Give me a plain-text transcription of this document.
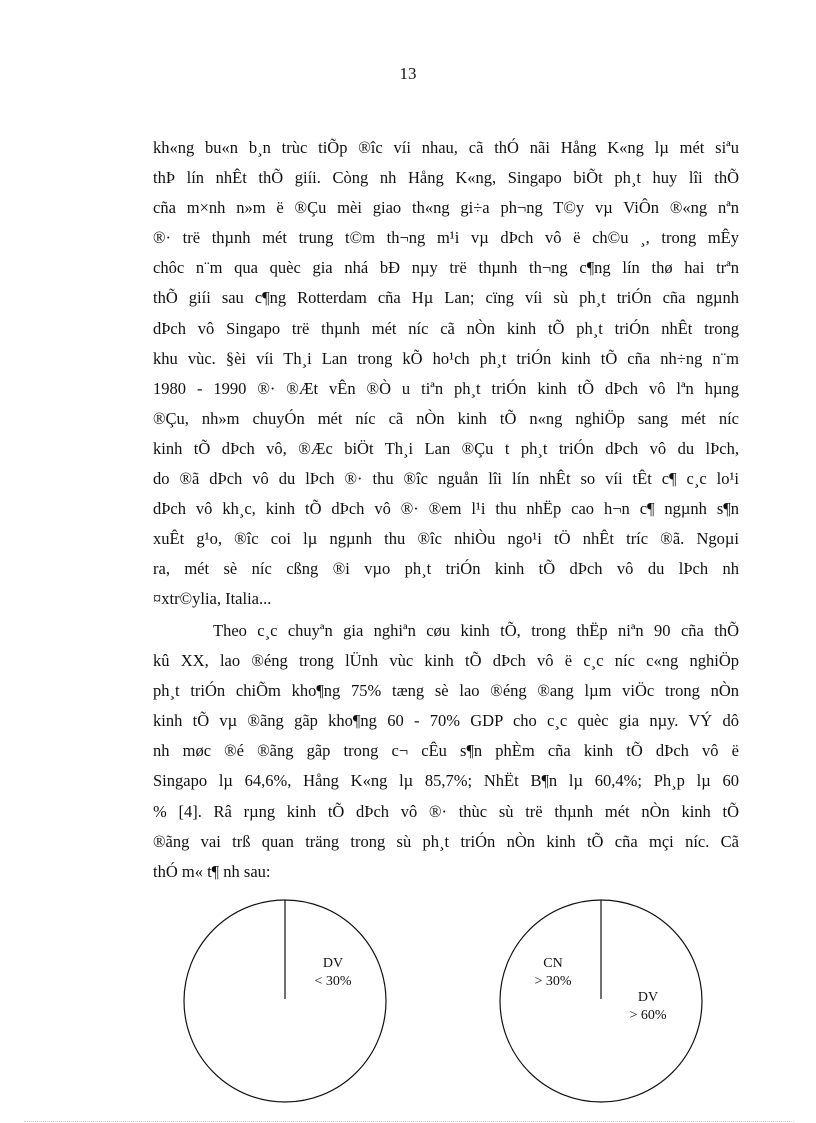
13
kh«ng bu«n b¸n trùc tiÕp ®îc víi nhau, cã thÓ nãi Hång K«ng lµ mét siªu
thÞ lín nhÊt thÕ giíi. Còng nh Hång K«ng, Singapo biÕt ph¸t huy lîi thÕ
cña m×nh n»m ë ®Çu mèi giao th«ng gi÷a ph¬ng T©y vµ ViÔn ®«ng nªn
®· trë thµnh mét trung t©m th¬ng m¹i vµ dÞch vô ë ch©u ¸, trong mÊy
chôc n¨m qua quèc gia nhá bÐ nµy trë thµnh th¬ng c¶ng lín thø hai trªn
thÕ giíi sau c¶ng Rotterdam cña Hµ Lan; cïng víi sù ph¸t triÓn cña ngµnh
dÞch vô Singapo trë thµnh mét níc cã nÒn kinh tÕ ph¸t triÓn nhÊt trong
khu vùc. §èi víi Th¸i Lan trong kÕ ho¹ch ph¸t triÓn kinh tÕ cña nh÷ng n¨m
1980 - 1990 ®· ®Æt vÊn ®Ò u tiªn ph¸t triÓn kinh tÕ dÞch vô lªn hµng
®Çu, nh»m chuyÓn mét níc cã nÒn kinh tÕ n«ng nghiÖp sang mét níc
kinh tÕ dÞch vô, ®Æc biÖt Th¸i Lan ®Çu t ph¸t triÓn dÞch vô du lÞch,
do ®ã dÞch vô du lÞch ®· thu ®îc nguån lîi lín nhÊt so víi tÊt c¶ c¸c lo¹i
dÞch vô kh¸c, kinh tÕ dÞch vô ®· ®em l¹i thu nhËp cao h¬n c¶ ngµnh s¶n
xuÊt g¹o, ®îc coi lµ ngµnh thu ®îc nhiÒu ngo¹i tÖ nhÊt tríc ®ã. Ngoµi
ra, mét sè níc cßng ®i vµo ph¸t triÓn kinh tÕ dÞch vô du lÞch nh
¤xtr©ylia, Italia...
Theo c¸c chuyªn gia nghiªn cøu kinh tÕ, trong thËp niªn 90 cña thÕ
kû XX, lao ®éng trong lÜnh vùc kinh tÕ dÞch vô ë c¸c níc c«ng nghiÖp
ph¸t triÓn chiÕm kho¶ng 75% tæng sè lao ®éng ®ang lµm viÖc trong nÒn
kinh tÕ vµ ®ãng gãp kho¶ng 60 - 70% GDP cho c¸c quèc gia nµy. VÝ dô
nh møc ®é ®ãng gãp trong c¬ cÊu s¶n phÈm cña kinh tÕ dÞch vô ë
Singapo lµ 64,6%, Hång K«ng lµ 85,7%; NhËt B¶n lµ 60,4%; Ph¸p lµ 60
% [4]. Râ rµng kinh tÕ dÞch vô ®· thùc sù trë thµnh mét nÒn kinh tÕ
®ãng vai trß quan träng trong sù ph¸t triÓn nÒn kinh tÕ cña mçi níc. Cã
thÓ m« t¶ nh sau:
DV
< 30%
CN
> 30%
DV
> 60%
